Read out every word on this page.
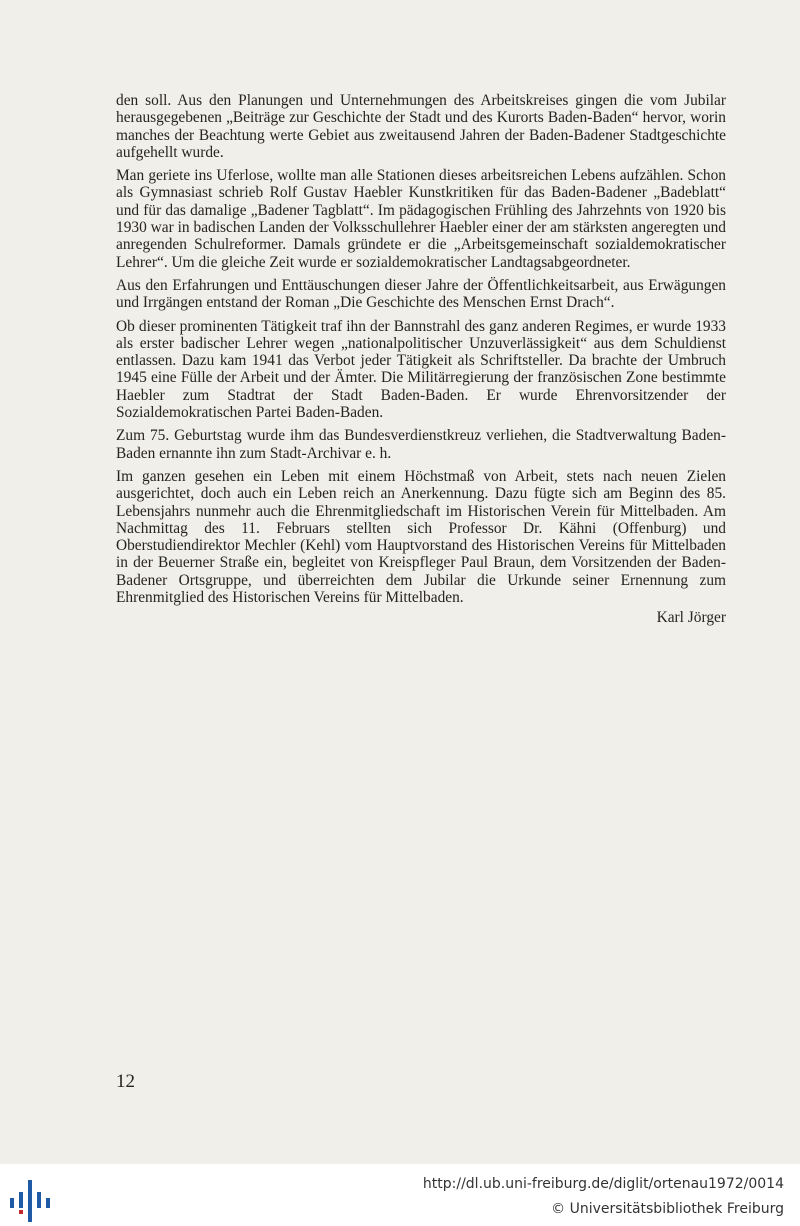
den soll. Aus den Planungen und Unternehmungen des Arbeitskreises gingen die vom Jubilar herausgegebenen „Beiträge zur Geschichte der Stadt und des Kurorts Baden-Baden“ hervor, worin manches der Beachtung werte Gebiet aus zweitausend Jahren der Baden-Badener Stadtgeschichte aufgehellt wurde.

Man geriete ins Uferlose, wollte man alle Stationen dieses arbeitsreichen Lebens aufzählen. Schon als Gymnasiast schrieb Rolf Gustav Haebler Kunstkritiken für das Baden-Badener „Badeblatt“ und für das damalige „Badener Tagblatt“. Im pädagogischen Frühling des Jahrzehnts von 1920 bis 1930 war in badischen Landen der Volksschullehrer Haebler einer der am stärksten angeregten und anregenden Schulreformer. Damals gründete er die „Arbeitsgemeinschaft sozialdemokratischer Lehrer“. Um die gleiche Zeit wurde er sozialdemokratischer Landtagsabgeordneter.

Aus den Erfahrungen und Enttäuschungen dieser Jahre der Öffentlichkeitsarbeit, aus Erwägungen und Irrgängen entstand der Roman „Die Geschichte des Menschen Ernst Drach“.

Ob dieser prominenten Tätigkeit traf ihn der Bannstrahl des ganz anderen Regimes, er wurde 1933 als erster badischer Lehrer wegen „nationalpolitischer Unzuverlässigkeit“ aus dem Schuldienst entlassen. Dazu kam 1941 das Verbot jeder Tätigkeit als Schriftsteller. Da brachte der Umbruch 1945 eine Fülle der Arbeit und der Ämter. Die Militärregierung der französischen Zone bestimmte Haebler zum Stadtrat der Stadt Baden-Baden. Er wurde Ehrenvorsitzender der Sozialdemokratischen Partei Baden-Baden.

Zum 75. Geburtstag wurde ihm das Bundesverdienstkreuz verliehen, die Stadtverwaltung Baden-Baden ernannte ihn zum Stadt-Archivar e. h.

Im ganzen gesehen ein Leben mit einem Höchstmaß von Arbeit, stets nach neuen Zielen ausgerichtet, doch auch ein Leben reich an Anerkennung. Dazu fügte sich am Beginn des 85. Lebensjahrs nunmehr auch die Ehrenmitgliedschaft im Historischen Verein für Mittelbaden. Am Nachmittag des 11. Februars stellten sich Professor Dr. Kähni (Offenburg) und Oberstudiendirektor Mechler (Kehl) vom Hauptvorstand des Historischen Vereins für Mittelbaden in der Beuerner Straße ein, begleitet von Kreispfleger Paul Braun, dem Vorsitzenden der Baden-Badener Ortsgruppe, und überreichten dem Jubilar die Urkunde seiner Ernennung zum Ehrenmitglied des Historischen Vereins für Mittelbaden.

Karl Jörger
12
http://dl.ub.uni-freiburg.de/diglit/ortenau1972/0014
© Universitätsbibliothek Freiburg
